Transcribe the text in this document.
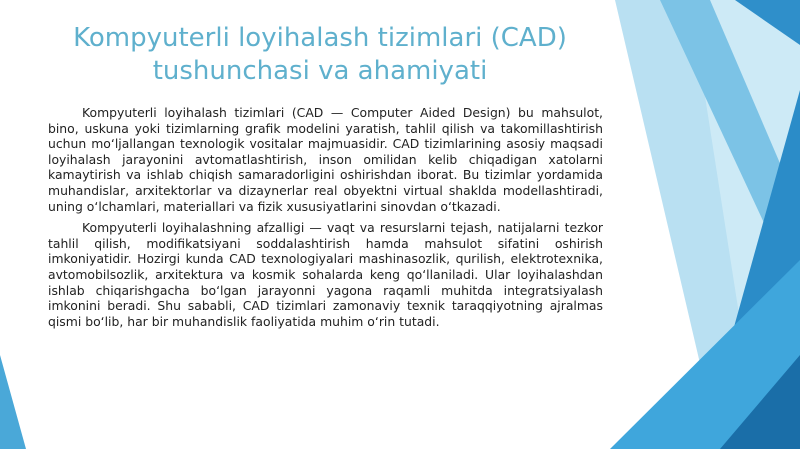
Kompyuterli loyihalash tizimlari (CAD) tushunchasi va ahamiyati

Kompyuterli loyihalash tizimlari (CAD — Computer Aided Design) bu mahsulot, bino, uskuna yoki tizimlarning grafik modelini yaratish, tahlil qilish va takomillashtirish uchun moʻljallangan texnologik vositalar majmuasidir. CAD tizimlarining asosiy maqsadi loyihalash jarayonini avtomatlashtirish, inson omilidan kelib chiqadigan xatolarni kamaytirish va ishlab chiqish samaradorligini oshirishdan iborat. Bu tizimlar yordamida muhandislar, arxitektorlar va dizaynerlar real obyektni virtual shaklda modellashtiradi, uning oʻlchamlari, materiallari va fizik xususiyatlarini sinovdan oʻtkazadi.

Kompyuterli loyihalashning afzalligi — vaqt va resurslarni tejash, natijalarni tezkor tahlil qilish, modifikatsiyani soddalashtirish hamda mahsulot sifatini oshirish imkoniyatidir. Hozirgi kunda CAD texnologiyalari mashinasozlik, qurilish, elektrotexnika, avtomobilsozlik, arxitektura va kosmik sohalarda keng qoʻllaniladi. Ular loyihalashdan ishlab chiqarishgacha boʻlgan jarayonni yagona raqamli muhitda integratsiyalash imkonini beradi. Shu sababli, CAD tizimlari zamonaviy texnik taraqqiyotning ajralmas qismi boʻlib, har bir muhandislik faoliyatida muhim oʻrin tutadi.
